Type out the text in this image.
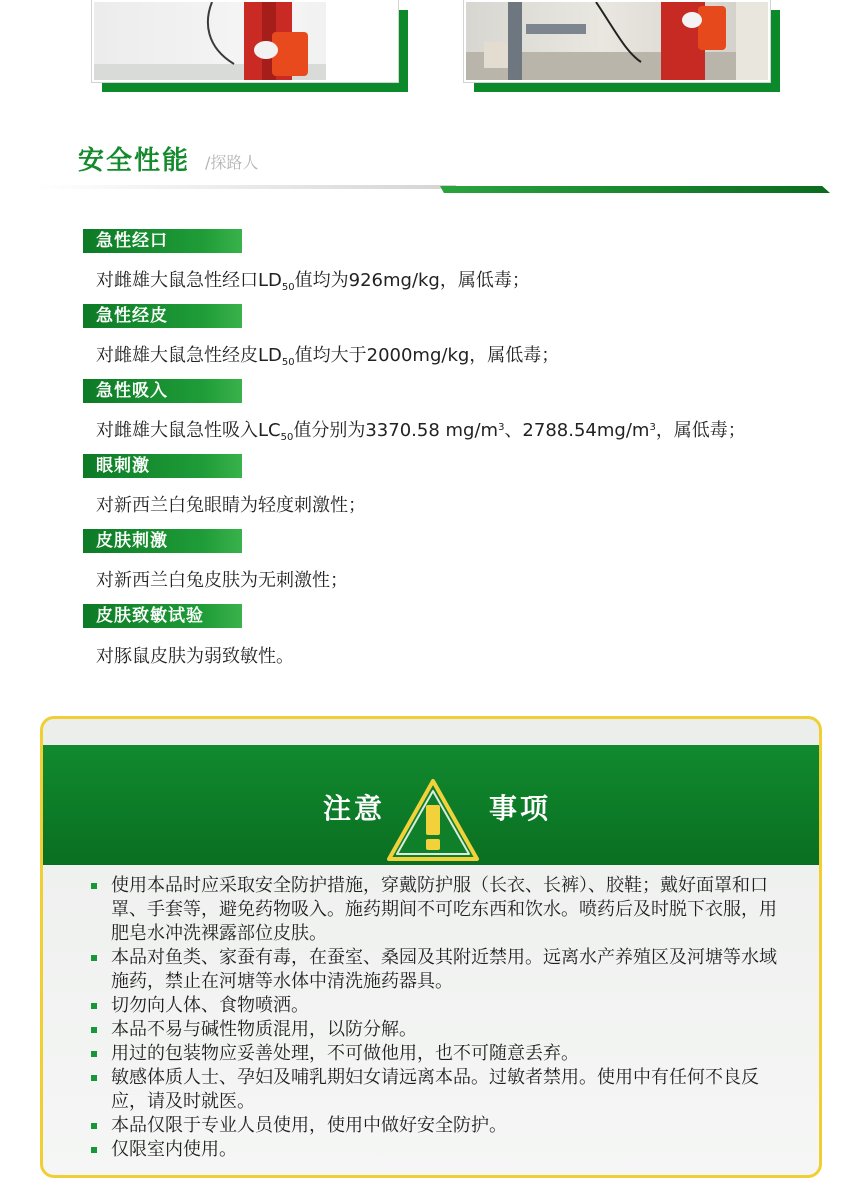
安全性能 /探路人
急性经口
对雌雄大鼠急性经口$LD_{50}$值均为926mg/kg，属低毒；
急性经皮
对雌雄大鼠急性经皮$LD_{50}$值均大于2000mg/kg，属低毒；
急性吸入
对雌雄大鼠急性吸入$LC_{50}$值分别为3370.58 $mg/m^3$、$2788.54mg/m^3$，属低毒；
眼刺激
对新西兰白兔眼睛为轻度刺激性；
皮肤刺激
对新西兰白兔皮肤为无刺激性；
皮肤致敏试验
对豚鼠皮肤为弱致敏性。
注意	事项
使用本品时应采取安全防护措施，穿戴防护服（长衣、长裤）、胶鞋；戴好面罩和口罩、手套等，避免药物吸入。施药期间不可吃东西和饮水。喷药后及时脱下衣服，用肥皂水冲洗裸露部位皮肤。
本品对鱼类、家蚕有毒，在蚕室、桑园及其附近禁用。远离水产养殖区及河塘等水域施药，禁止在河塘等水体中清洗施药器具。
切勿向人体、食物喷洒。
本品不易与碱性物质混用，以防分解。
用过的包装物应妥善处理，不可做他用，也不可随意丢弃。
敏感体质人士、孕妇及哺乳期妇女请远离本品。过敏者禁用。使用中有任何不良反应，请及时就医。
本品仅限于专业人员使用，使用中做好安全防护。
仅限室内使用。
